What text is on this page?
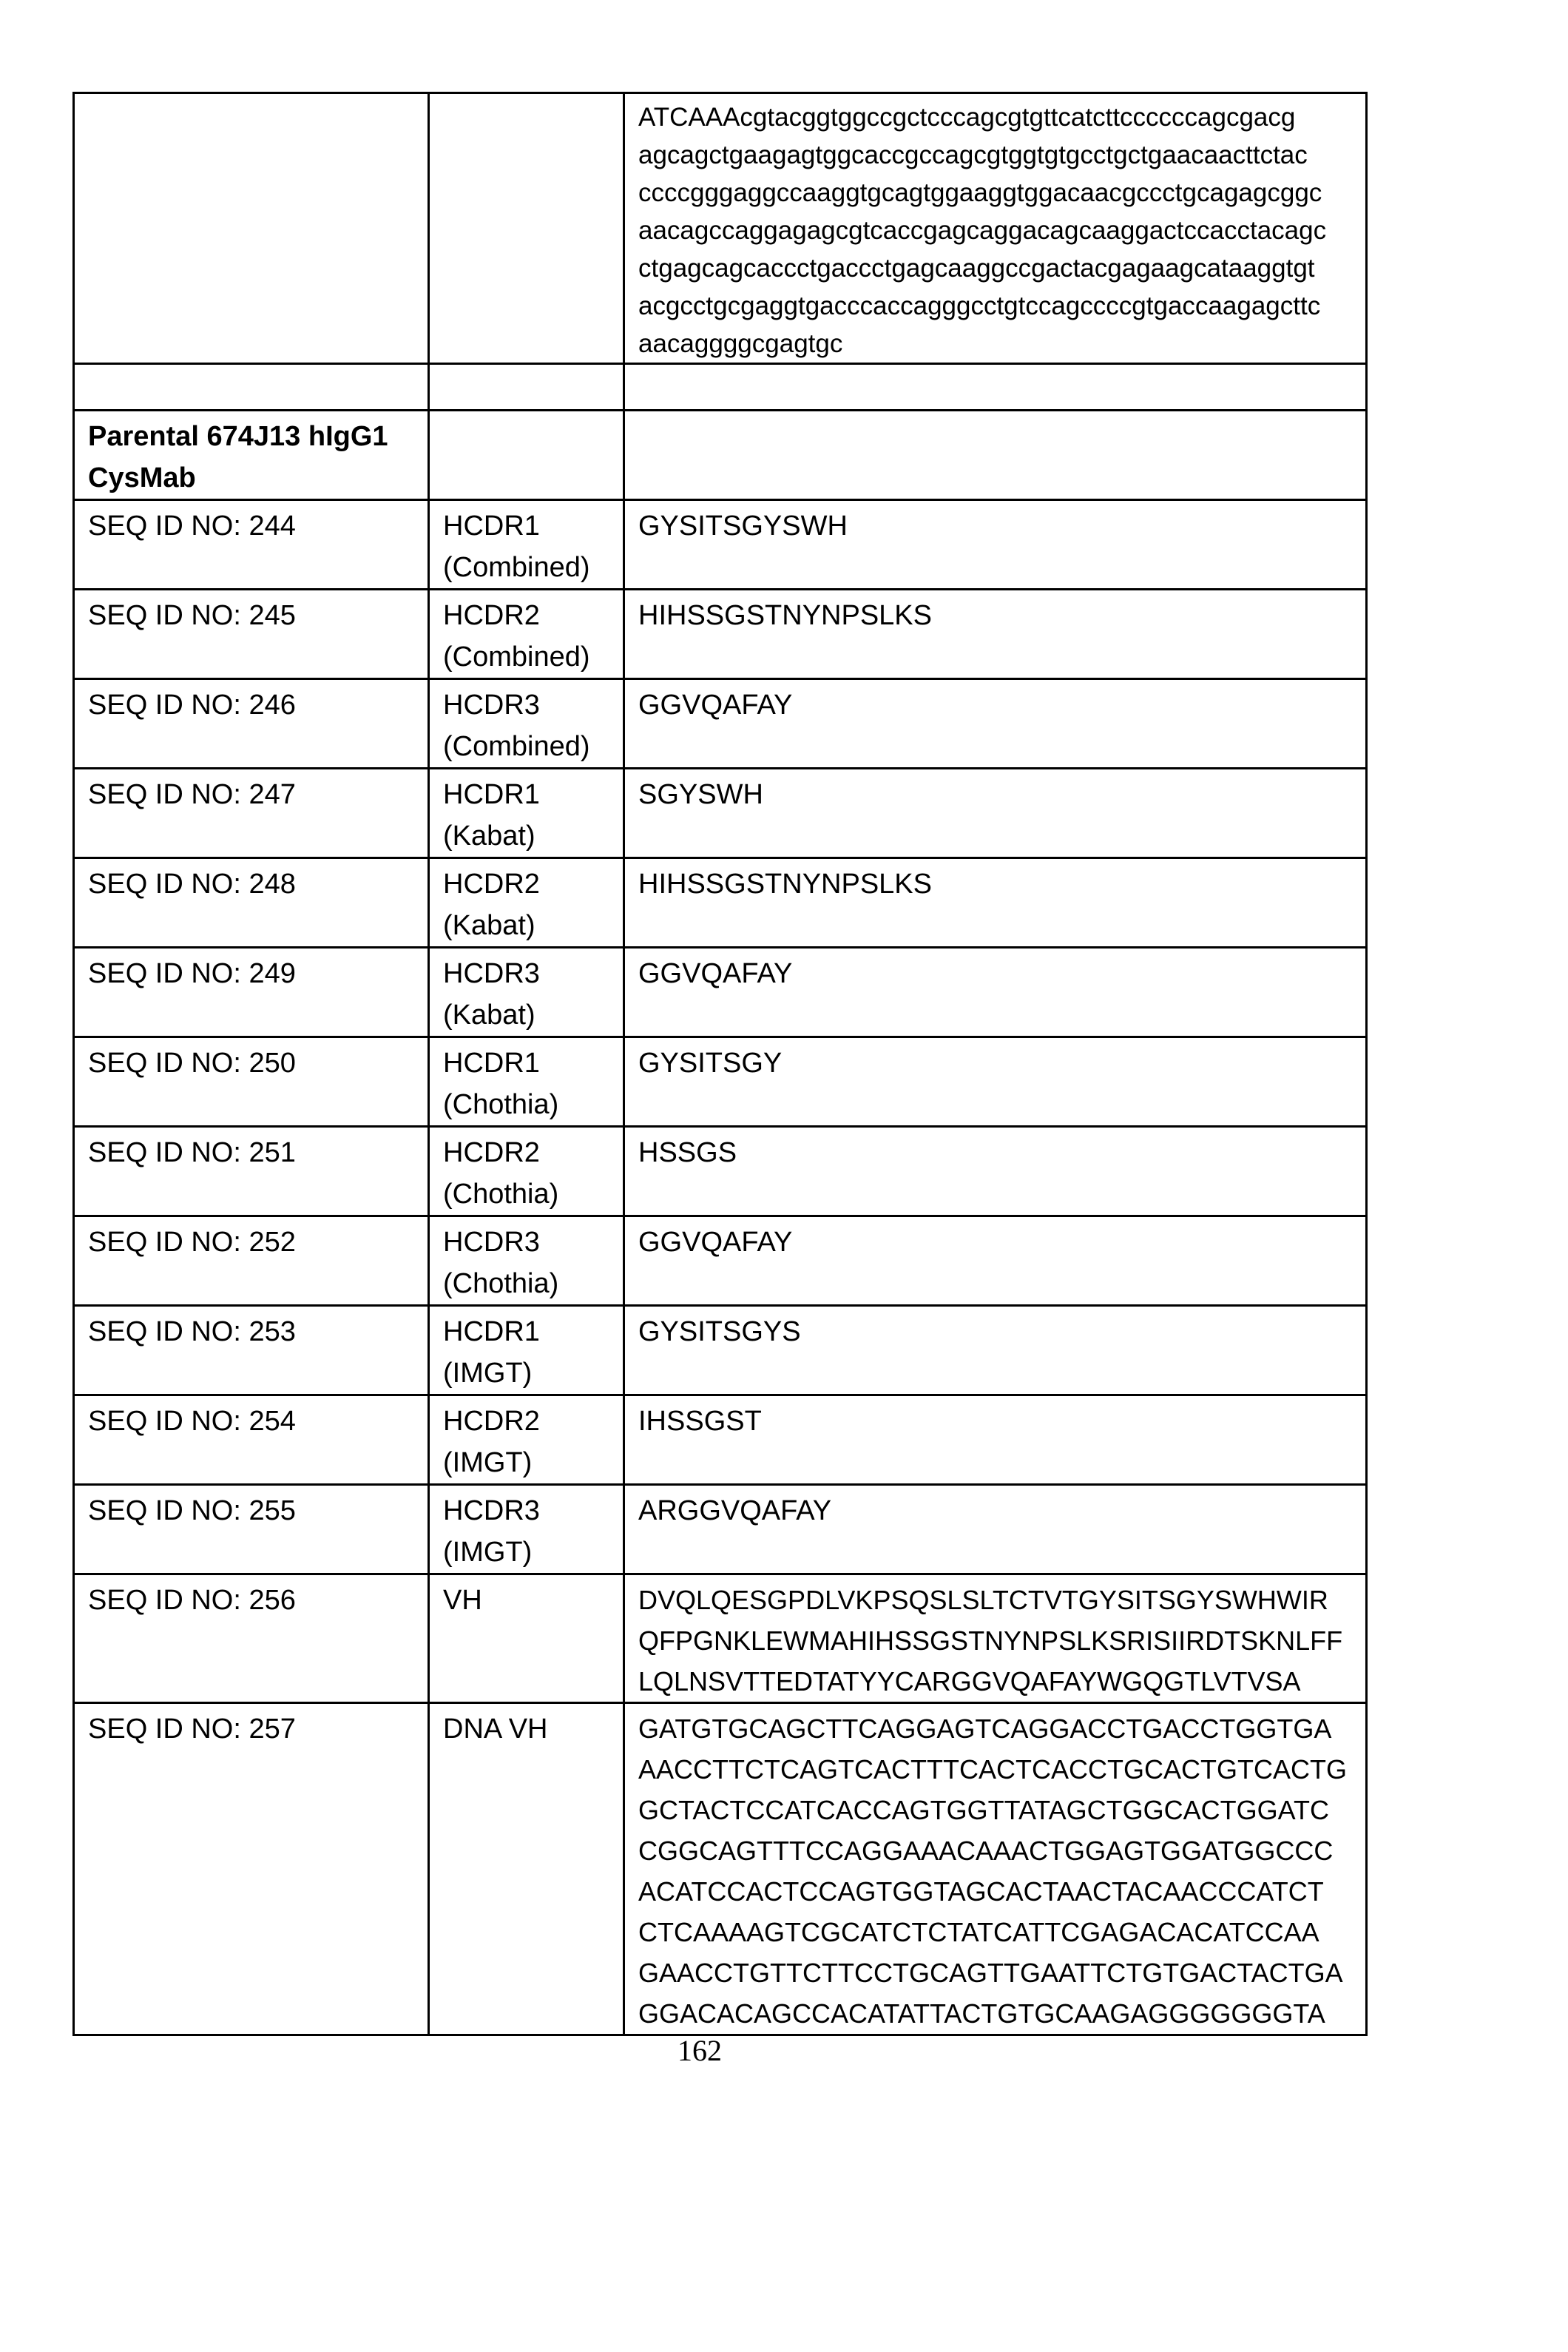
ATCAAAcgtacggtggccgctcccagcgtgttcatcttccccccagcgacg
agcagctgaagagtggcaccgccagcgtggtgtgcctgctgaacaacttctac
ccccgggaggccaaggtgcagtggaaggtggacaacgccctgcagagcggc
aacagccaggagagcgtcaccgagcaggacagcaaggactccacctacagc
ctgagcagcaccctgaccctgagcaaggccgactacgagaagcataaggtgt
acgcctgcgaggtgacccaccagggcctgtccagccccgtgaccaagagcttc
aacaggggcgagtgc

Parental 674J13 hIgG1
CysMab

SEQ ID NO: 244	HCDR1
(Combined)

GYSITSGYSWH

SEQ ID NO: 245	HCDR2
(Combined)

HIHSSGSTNYNPSLKS

SEQ ID NO: 246	HCDR3
(Combined)

GGVQAFAY

SEQ ID NO: 247	HCDR1
(Kabat)

SGYSWH

SEQ ID NO: 248	HCDR2
(Kabat)

HIHSSGSTNYNPSLKS

SEQ ID NO: 249	HCDR3
(Kabat)

GGVQAFAY

SEQ ID NO: 250	HCDR1
(Chothia)

GYSITSGY

SEQ ID NO: 251	HCDR2
(Chothia)

HSSGS

SEQ ID NO: 252	HCDR3
(Chothia)

GGVQAFAY

SEQ ID NO: 253	HCDR1
(IMGT)

GYSITSGYS

SEQ ID NO: 254	HCDR2
(IMGT)

IHSSGST

SEQ ID NO: 255	HCDR3
(IMGT)

ARGGVQAFAY

SEQ ID NO: 256	VH	DVQLQESGPDLVKPSQSLSLTCTVTGYSITSGYSWHWIR
QFPGNKLEWMAHIHSSGSTNYNPSLKSRISIIRDTSKNLFF
LQLNSVTTEDTATYYCARGGVQAFAYWGQGTLVTVSA

SEQ ID NO: 257	DNA VH	GATGTGCAGCTTCAGGAGTCAGGACCTGACCTGGTGA
AACCTTCTCAGTCACTTTCACTCACCTGCACTGTCACTG
GCTACTCCATCACCAGTGGTTATAGCTGGCACTGGATC
CGGCAGTTTCCAGGAAACAAACTGGAGTGGATGGCCC
ACATCCACTCCAGTGGTAGCACTAACTACAACCCATCT
CTCAAAAGTCGCATCTCTATCATTCGAGACACATCCAA
GAACCTGTTCTTCCTGCAGTTGAATTCTGTGACTACTGA
GGACACAGCCACATATTACTGTGCAAGAGGGGGGGTA
162
